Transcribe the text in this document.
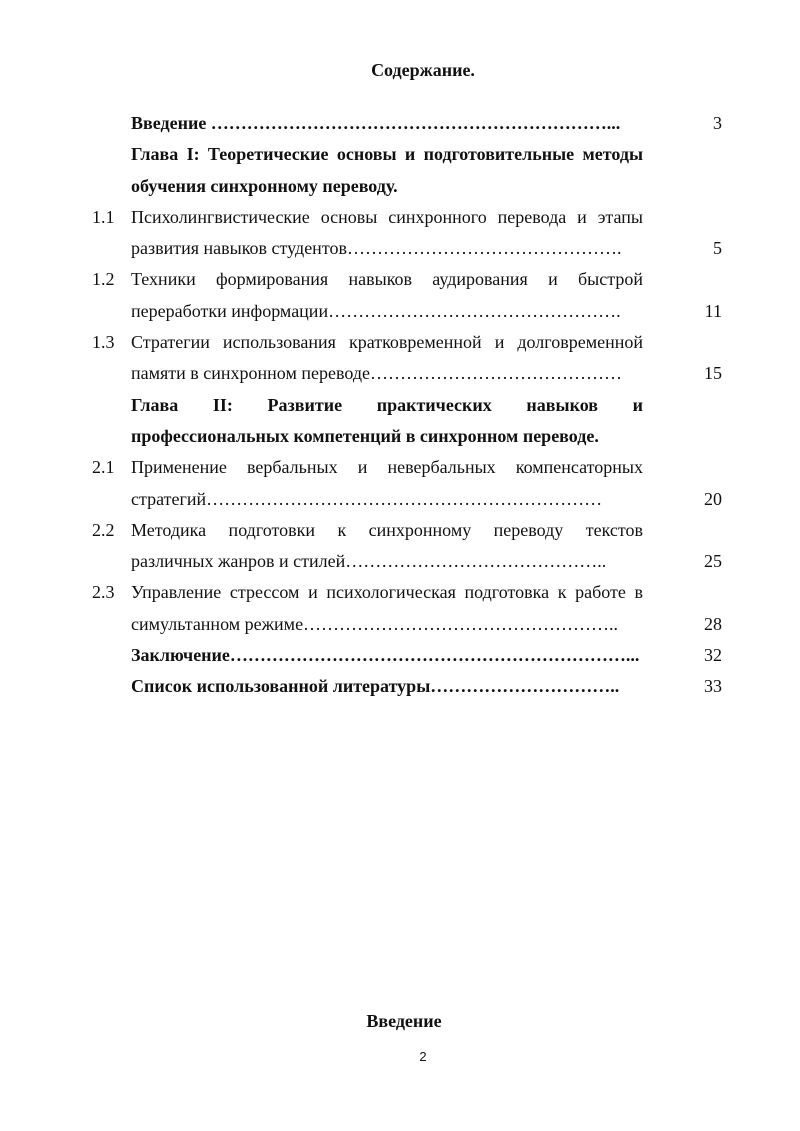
Содержание.
Введение …………………………………………………………...	3
Глава I: Теоретические основы и подготовительные методы
обучения синхронному переводу.
1.1 Психолингвистические основы синхронного перевода и этапы
развития навыков студентов……………………………………….	5
1.2 Техники формирования навыков аудирования и быстрой
переработки информации………………………………………….	11
1.3 Стратегии использования кратковременной и долговременной
памяти в синхронном переводе……………………………………	15
Глава II: Развитие практических навыков и
профессиональных компетенций в синхронном переводе.
2.1 Применение вербальных и невербальных компенсаторных
стратегий…………………………………………………………	20
2.2 Методика подготовки к синхронному переводу текстов
различных жанров и стилей……………………………………..	25
2.3 Управление стрессом и психологическая подготовка к работе в
симультанном режиме……………………………………………..	28
Заключение…………………………………………………………...	32
Список использованной литературы…………………………..	33
Введение
2
